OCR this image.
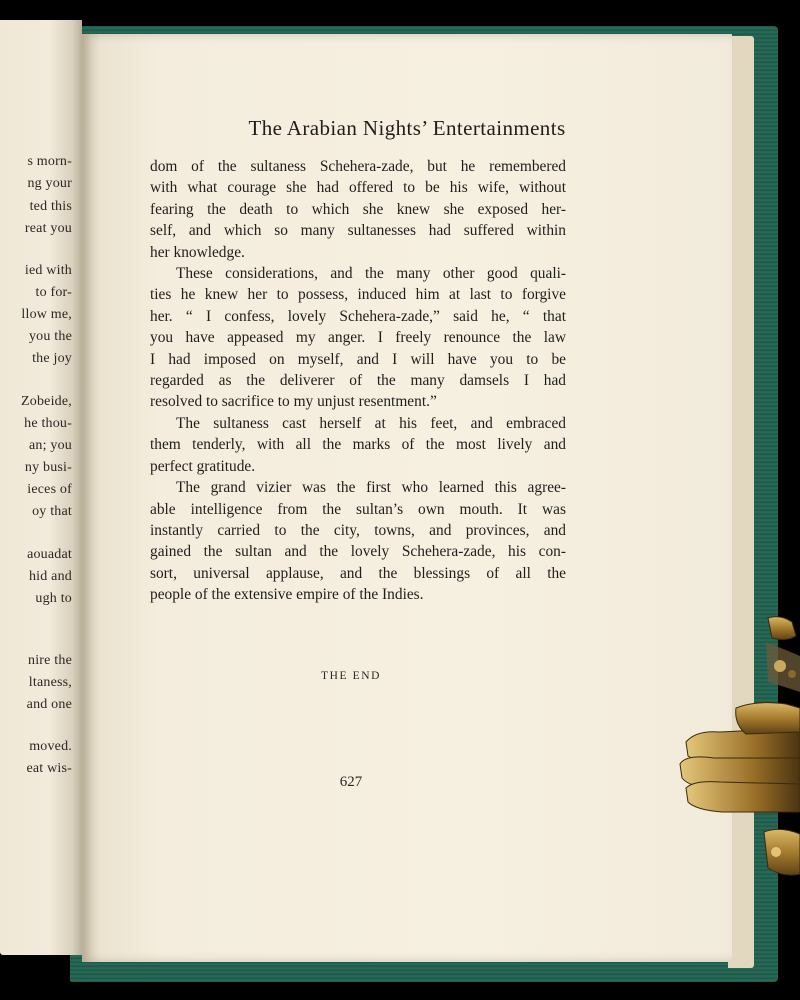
s morn-
ng your
ted this
reat you
ied with
to for-
llow me,
you the
the joy
Zobeide,
he thou-
an; you
ny busi-
ieces of
oy that
aouadat
hid and
ugh to
nire the
ltaness,
and one
moved.
eat wis-
The Arabian Nights’ Entertainments
dom of the sultaness Schehera-zade, but he remembered
with what courage she had offered to be his wife, without
fearing the death to which she knew she exposed her-
self, and which so many sultanesses had suffered within
her knowledge.
These considerations, and the many other good quali-
ties he knew her to possess, induced him at last to forgive
her. “ I confess, lovely Schehera-zade,” said he, “ that
you have appeased my anger. I freely renounce the law
I had imposed on myself, and I will have you to be
regarded as the deliverer of the many damsels I had
resolved to sacrifice to my unjust resentment.”
The sultaness cast herself at his feet, and embraced
them tenderly, with all the marks of the most lively and
perfect gratitude.
The grand vizier was the first who learned this agree-
able intelligence from the sultan’s own mouth. It was
instantly carried to the city, towns, and provinces, and
gained the sultan and the lovely Schehera-zade, his con-
sort, universal applause, and the blessings of all the
people of the extensive empire of the Indies.
THE END
627
